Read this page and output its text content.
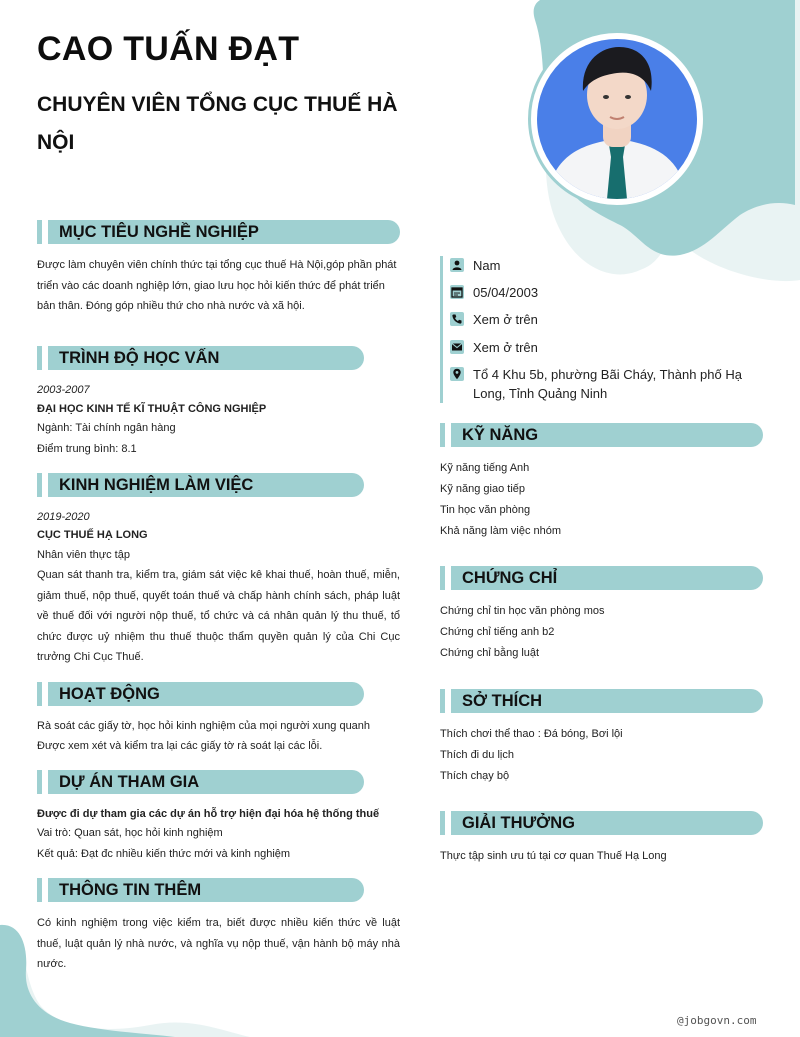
CAO TUẤN ĐẠT
CHUYÊN VIÊN TỔNG CỤC THUẾ HÀ NỘI
MỤC TIÊU NGHỀ NGHIỆP
Được làm chuyên viên chính thức tại tổng cục thuế Hà Nội,góp phần phát triển vào các doanh nghiệp lớn, giao lưu học hỏi kiến thức để phát triển bản thân. Đóng góp nhiều thứ cho nhà nước và xã hội.
TRÌNH ĐỘ HỌC VẤN
2003-2007
ĐẠI HỌC KINH TẾ KĨ THUẬT CÔNG NGHIỆP
Ngành: Tài chính ngân hàng
Điểm trung bình: 8.1
KINH NGHIỆM LÀM VIỆC
2019-2020
CỤC THUẾ HẠ LONG
Nhân viên thực tập
Quan sát thanh tra, kiểm tra, giám sát việc kê khai thuế, hoàn thuế, miễn, giảm thuế, nộp thuế, quyết toán thuế và chấp hành chính sách, pháp luật về thuế đối với người nộp thuế, tổ chức và cá nhân quản lý thu thuế, tổ chức được uỷ nhiệm thu thuế thuộc thẩm quyền quản lý của Chi Cục trưởng Chi Cục Thuế.
HOẠT ĐỘNG
Rà soát các giấy tờ, học hỏi kinh nghiệm của mọi người xung quanh
Được xem xét và kiểm tra lại các giấy tờ rà soát lại các lỗi.
DỰ ÁN THAM GIA
Được đi dự tham gia các dự án hỗ trợ hiện đại hóa hệ thống thuế
Vai trò: Quan sát, học hỏi kinh nghiệm
Kết quả: Đạt đc nhiều kiến thức mới và kinh nghiệm
THÔNG TIN THÊM
Có kinh nghiệm trong việc kiểm tra, biết được nhiều kiến thức về luật thuế, luật quản lý nhà nước, và nghĩa vụ nộp thuế, vận hành bộ máy nhà nước.
Nam
05/04/2003
Xem ở trên
Xem ở trên
Tổ 4 Khu 5b, phường Bãi Cháy, Thành phố Hạ Long, Tỉnh Quảng Ninh
KỸ NĂNG
Kỹ năng tiếng Anh
Kỹ năng giao tiếp
Tin học văn phòng
Khả năng làm việc nhóm
CHỨNG CHỈ
Chứng chỉ tin học văn phòng mos
Chứng chỉ tiếng anh b2
Chứng chỉ bằng luật
SỞ THÍCH
Thích chơi thể thao : Đá bóng, Bơi lội
Thích đi du lịch
Thích chạy bộ
GIẢI THƯỞNG
Thực tập sinh ưu tú tại cơ quan Thuế Hạ Long
@jobgovn.com
